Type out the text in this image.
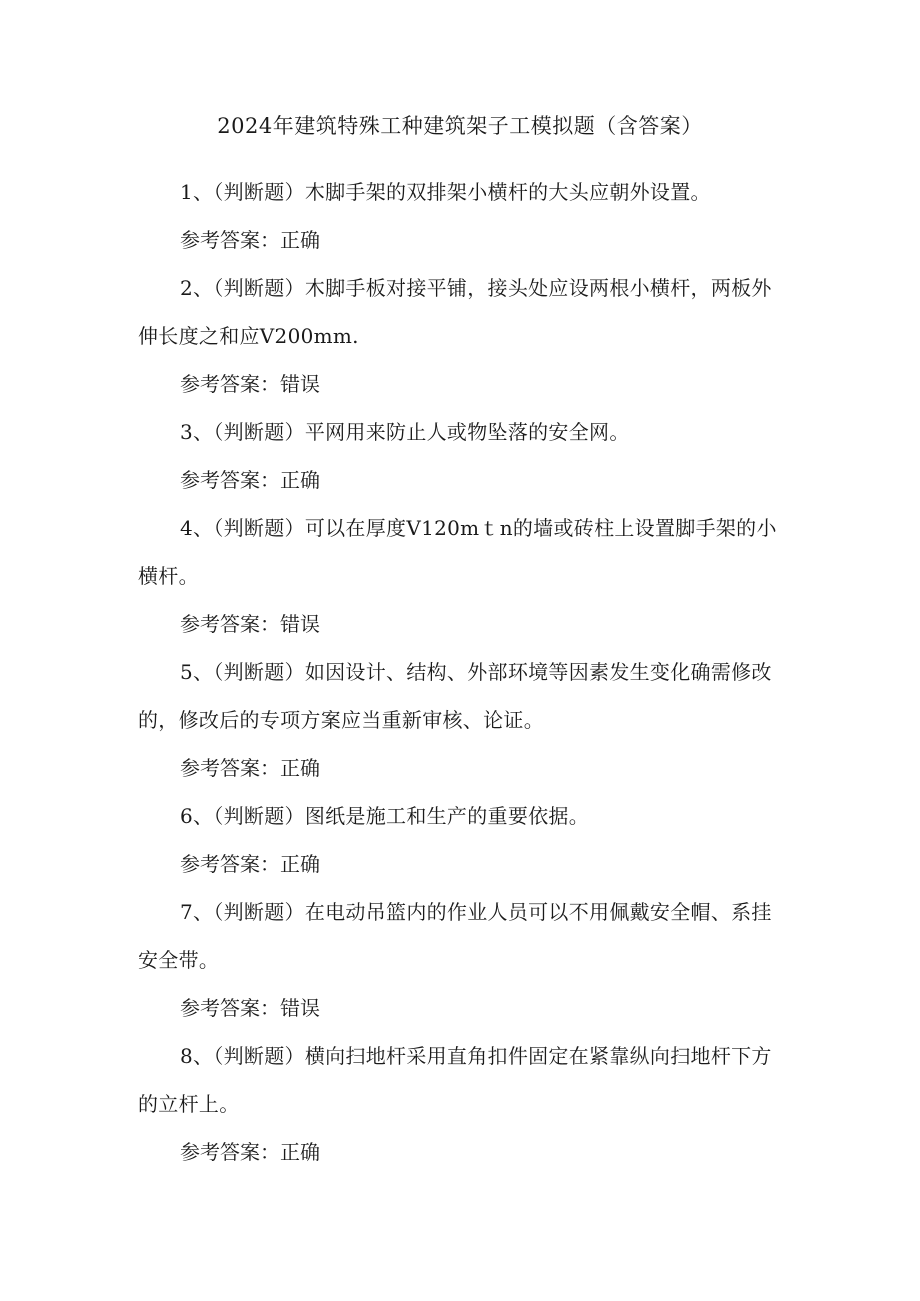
2024年建筑特殊工种建筑架子工模拟题（含答案）

1、（判断题）木脚手架的双排架小横杆的大头应朝外设置。

参考答案：正确

2、（判断题）木脚手板对接平铺，接头处应设两根小横杆，两板外伸长度之和应V200mm.

参考答案：错误

3、（判断题）平网用来防止人或物坠落的安全网。

参考答案：正确

4、（判断题）可以在厚度V120mｔn的墙或砖柱上设置脚手架的小横杆。

参考答案：错误

5、（判断题）如因设计、结构、外部环境等因素发生变化确需修改的，修改后的专项方案应当重新审核、论证。

参考答案：正确

6、（判断题）图纸是施工和生产的重要依据。

参考答案：正确

7、（判断题）在电动吊篮内的作业人员可以不用佩戴安全帽、系挂安全带。

参考答案：错误

8、（判断题）横向扫地杆采用直角扣件固定在紧靠纵向扫地杆下方的立杆上。

参考答案：正确
